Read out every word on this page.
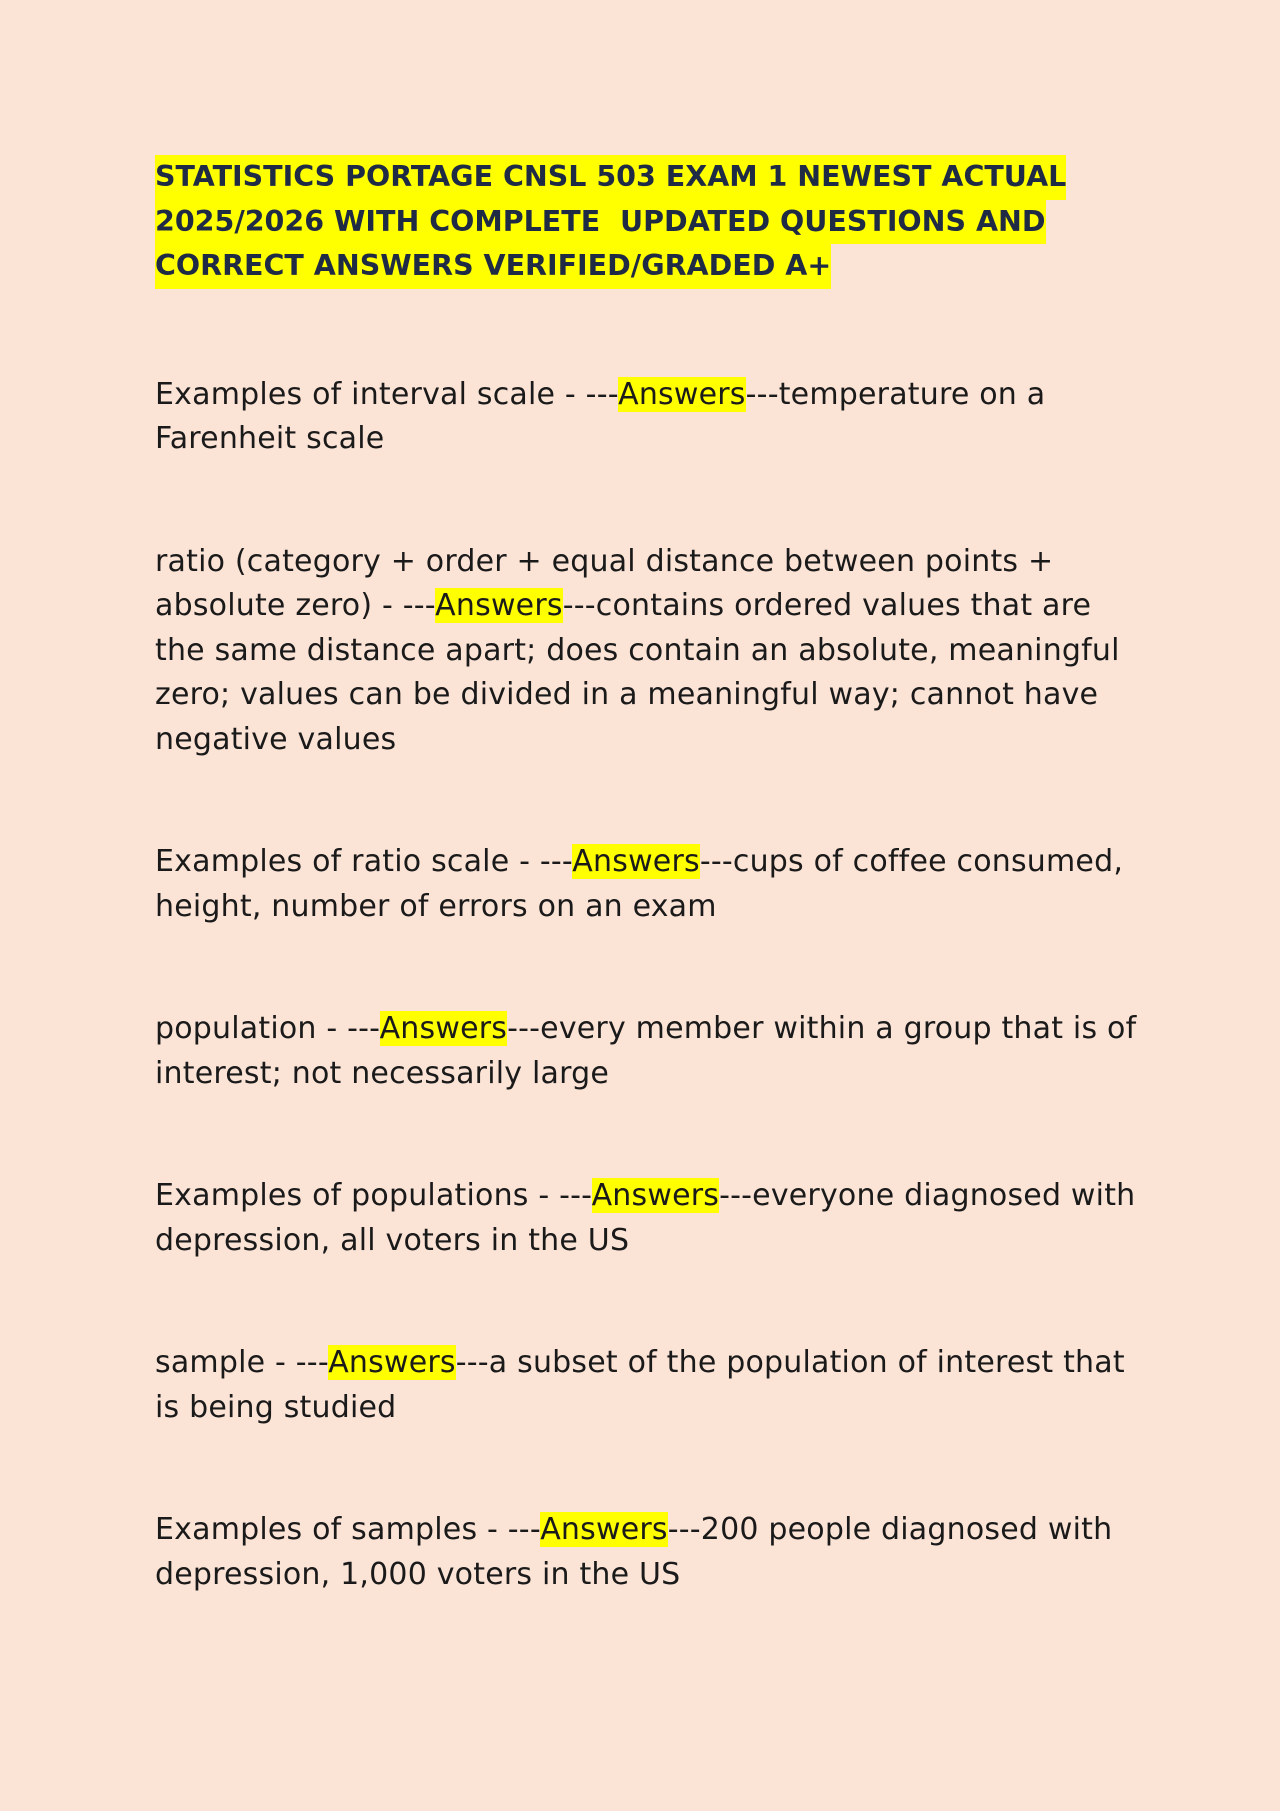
STATISTICS PORTAGE CNSL 503 EXAM 1 NEWEST ACTUAL
2025/2026 WITH COMPLETE  UPDATED QUESTIONS AND
CORRECT ANSWERS VERIFIED/GRADED A+
Examples of interval scale - ---Answers---temperature on a Farenheit scale
ratio (category + order + equal distance between points + absolute zero) - ---Answers---contains ordered values that are the same distance apart; does contain an absolute, meaningful zero; values can be divided in a meaningful way; cannot have negative values
Examples of ratio scale - ---Answers---cups of coffee consumed, height, number of errors on an exam
population - ---Answers---every member within a group that is of interest; not necessarily large
Examples of populations - ---Answers---everyone diagnosed with depression, all voters in the US
sample - ---Answers---a subset of the population of interest that is being studied
Examples of samples - ---Answers---200 people diagnosed with depression, 1,000 voters in the US
